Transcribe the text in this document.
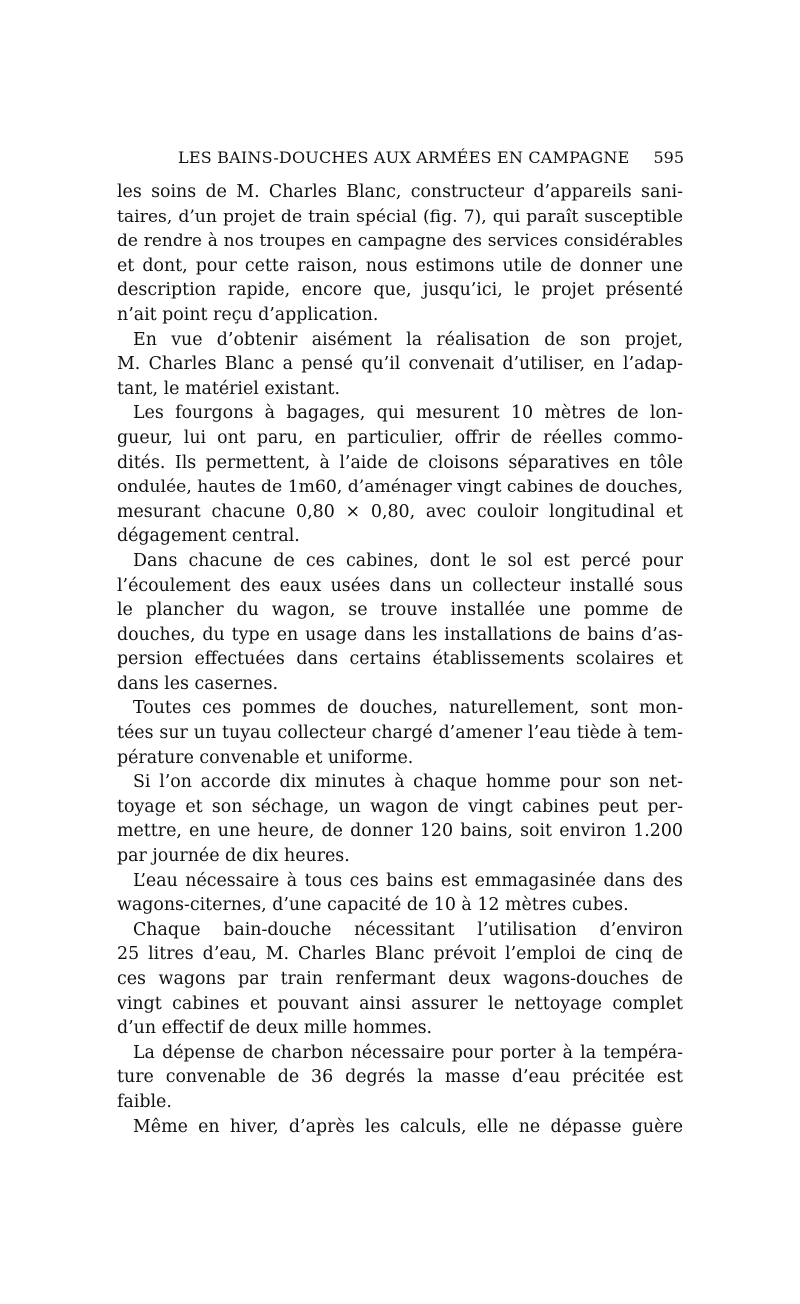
LES BAINS-DOUCHES AUX ARMÉES EN CAMPAGNE 595
les soins de M. Charles Blanc, constructeur d’appareils sani-
taires, d’un projet de train spécial (fig. 7), qui paraît susceptible
de rendre à nos troupes en campagne des services considérables
et dont, pour cette raison, nous estimons utile de donner une
description rapide, encore que, jusqu’ici, le projet présenté
n’ait point reçu d’application.
En vue d’obtenir aisément la réalisation de son projet,
M. Charles Blanc a pensé qu’il convenait d’utiliser, en l’adap-
tant, le matériel existant.
Les fourgons à bagages, qui mesurent 10 mètres de lon-
gueur, lui ont paru, en particulier, offrir de réelles commo-
dités. Ils permettent, à l’aide de cloisons séparatives en tôle
ondulée, hautes de 1m60, d’aménager vingt cabines de douches,
mesurant chacune 0,80 × 0,80, avec couloir longitudinal et
dégagement central.
Dans chacune de ces cabines, dont le sol est percé pour
l’écoulement des eaux usées dans un collecteur installé sous
le plancher du wagon, se trouve installée une pomme de
douches, du type en usage dans les installations de bains d’as-
persion effectuées dans certains établissements scolaires et
dans les casernes.
Toutes ces pommes de douches, naturellement, sont mon-
tées sur un tuyau collecteur chargé d’amener l’eau tiède à tem-
pérature convenable et uniforme.
Si l’on accorde dix minutes à chaque homme pour son net-
toyage et son séchage, un wagon de vingt cabines peut per-
mettre, en une heure, de donner 120 bains, soit environ 1.200
par journée de dix heures.
L’eau nécessaire à tous ces bains est emmagasinée dans des
wagons-citernes, d’une capacité de 10 à 12 mètres cubes.
Chaque bain-douche nécessitant l’utilisation d’environ
25 litres d’eau, M. Charles Blanc prévoit l’emploi de cinq de
ces wagons par train renfermant deux wagons-douches de
vingt cabines et pouvant ainsi assurer le nettoyage complet
d’un effectif de deux mille hommes.
La dépense de charbon nécessaire pour porter à la tempéra-
ture convenable de 36 degrés la masse d’eau précitée est
faible.
Même en hiver, d’après les calculs, elle ne dépasse guère
